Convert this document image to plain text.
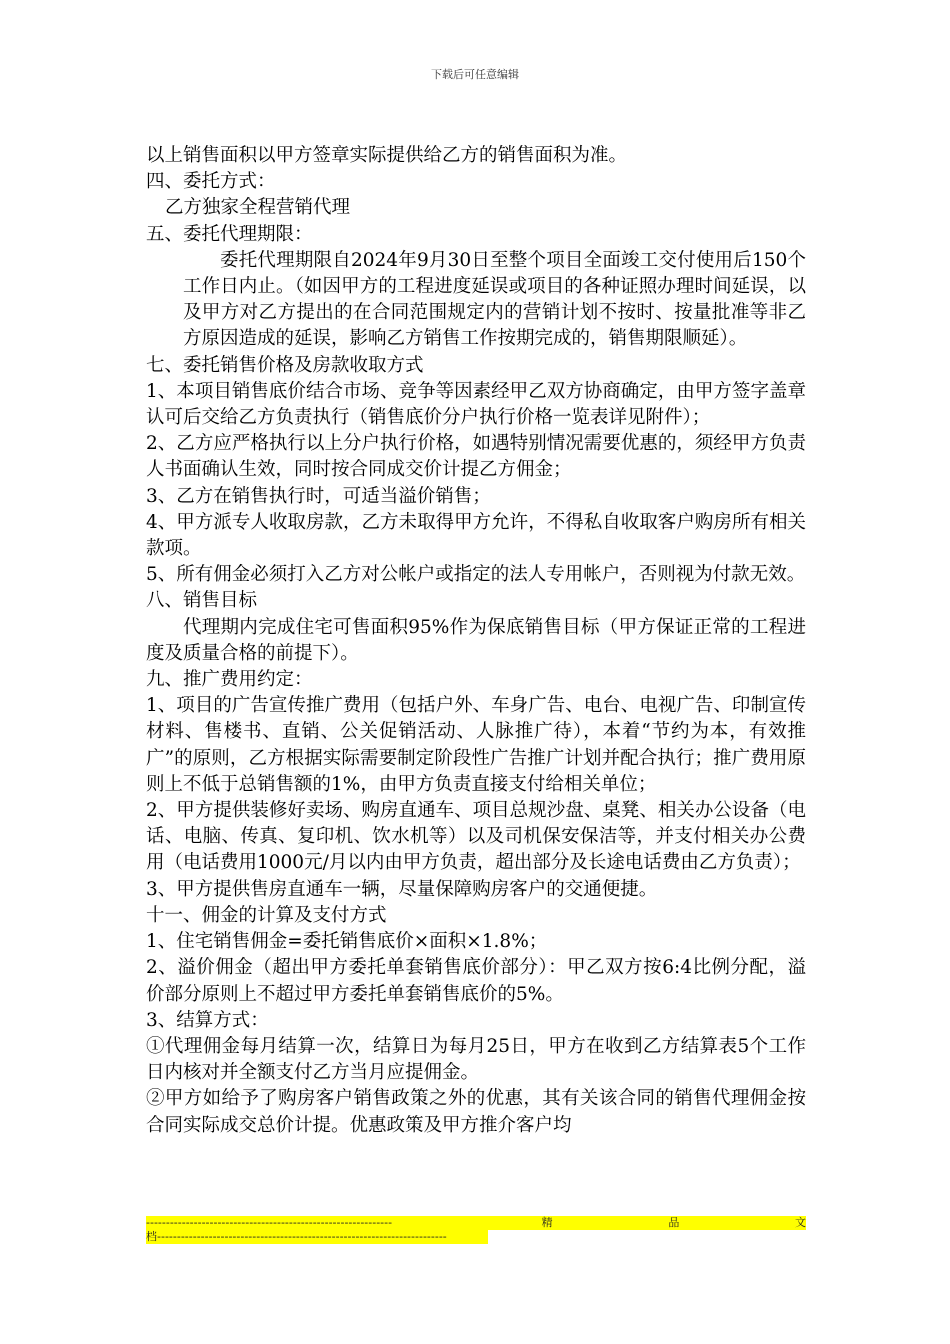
下载后可任意编辑

以上销售面积以甲方签章实际提供给乙方的销售面积为准。

四、委托方式：

乙方独家全程营销代理

五、委托代理期限：

委托代理期限自2024年9月30日至整个项目全面竣工交付使用后150个工作日内止。（如因甲方的工程进度延误或项目的各种证照办理时间延误，以及甲方对乙方提出的在合同范围规定内的营销计划不按时、按量批准等非乙方原因造成的延误，影响乙方销售工作按期完成的，销售期限顺延）。

七、委托销售价格及房款收取方式

1、本项目销售底价结合市场、竞争等因素经甲乙双方协商确定，由甲方签字盖章认可后交给乙方负责执行（销售底价分户执行价格一览表详见附件）；

2、乙方应严格执行以上分户执行价格，如遇特别情况需要优惠的，须经甲方负责人书面确认生效，同时按合同成交价计提乙方佣金；

3、乙方在销售执行时，可适当溢价销售；

4、甲方派专人收取房款，乙方未取得甲方允许，不得私自收取客户购房所有相关款项。

5、所有佣金必须打入乙方对公帐户或指定的法人专用帐户，否则视为付款无效。

八、销售目标

代理期内完成住宅可售面积95%作为保底销售目标（甲方保证正常的工程进度及质量合格的前提下）。

九、推广费用约定：

1、项目的广告宣传推广费用（包括户外、车身广告、电台、电视广告、印制宣传材料、售楼书、直销、公关促销活动、人脉推广待），本着“节约为本，有效推广”的原则，乙方根据实际需要制定阶段性广告推广计划并配合执行；推广费用原则上不低于总销售额的1%，由甲方负责直接支付给相关单位；

2、甲方提供装修好卖场、购房直通车、项目总规沙盘、桌凳、相关办公设备（电话、电脑、传真、复印机、饮水机等）以及司机保安保洁等，并支付相关办公费用（电话费用1000元/月以内由甲方负责，超出部分及长途电话费由乙方负责）；

3、甲方提供售房直通车一辆，尽量保障购房客户的交通便捷。

十一、佣金的计算及支付方式

1、住宅销售佣金=委托销售底价×面积×1.8%；

2、溢价佣金（超出甲方委托单套销售底价部分）：甲乙双方按6:4比例分配，溢价部分原则上不超过甲方委托单套销售底价的5%。

3、结算方式：

①代理佣金每月结算一次，结算日为每月25日，甲方在收到乙方结算表5个工作日内核对并全额支付乙方当月应提佣金。

②甲方如给予了购房客户销售政策之外的优惠，其有关该合同的销售代理佣金按合同实际成交总价计提。优惠政策及甲方推介客户均

--------------------------------------------------------------	精	品	文
档-------------------------------------------------------------------------
